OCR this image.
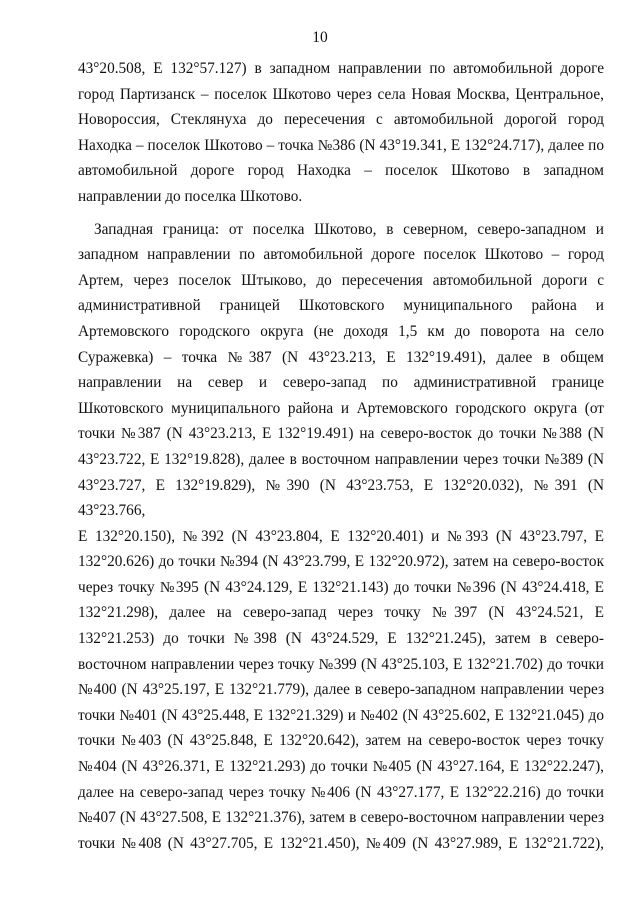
10

43°20.508, E 132°57.127) в западном направлении по автомобильной дороге

город Партизанск – поселок Шкотово через села Новая Москва, Центральное,

Новороссия, Стеклянуха до пересечения с автомобильной дорогой город

Находка – поселок Шкотово – точка №386 (N 43°19.341, E 132°24.717), далее по

автомобильной дороге город Находка – поселок Шкотово в западном

направлении до поселка Шкотово.

Западная граница: от поселка Шкотово, в северном, северо-западном и

западном направлении по автомобильной дороге поселок Шкотово – город

Артем, через поселок Штыково, до пересечения автомобильной дороги с

административной границей Шкотовского муниципального района и

Артемовского городского округа (не доходя 1,5 км до поворота на село

Суражевка) – точка №387 (N 43°23.213, E 132°19.491), далее в общем

направлении на север и северо-запад по административной границе

Шкотовского муниципального района и Артемовского городского округа (от

точки №387 (N 43°23.213, E 132°19.491) на северо-восток до точки №388 (N

43°23.722, E 132°19.828), далее в восточном направлении через точки №389 (N

43°23.727, E 132°19.829), №390 (N 43°23.753, E 132°20.032), №391 (N 43°23.766,

E 132°20.150), №392 (N 43°23.804, E 132°20.401) и №393 (N 43°23.797, E

132°20.626) до точки №394 (N 43°23.799, E 132°20.972), затем на северо-восток

через точку №395 (N 43°24.129, E 132°21.143) до точки №396 (N 43°24.418, E

132°21.298), далее на северо-запад через точку №397 (N 43°24.521, E

132°21.253) до точки №398 (N 43°24.529, E 132°21.245), затем в северо-

восточном направлении через точку №399 (N 43°25.103, E 132°21.702) до точки

№400 (N 43°25.197, E 132°21.779), далее в северо-западном направлении через

точки №401 (N 43°25.448, E 132°21.329) и №402 (N 43°25.602, E 132°21.045) до

точки №403 (N 43°25.848, E 132°20.642), затем на северо-восток через точку

№404 (N 43°26.371, E 132°21.293) до точки №405 (N 43°27.164, E 132°22.247),

далее на северо-запад через точку №406 (N 43°27.177, E 132°22.216) до точки

№407 (N 43°27.508, E 132°21.376), затем в северо-восточном направлении через

точки №408 (N 43°27.705, E 132°21.450), №409 (N 43°27.989, E 132°21.722),
